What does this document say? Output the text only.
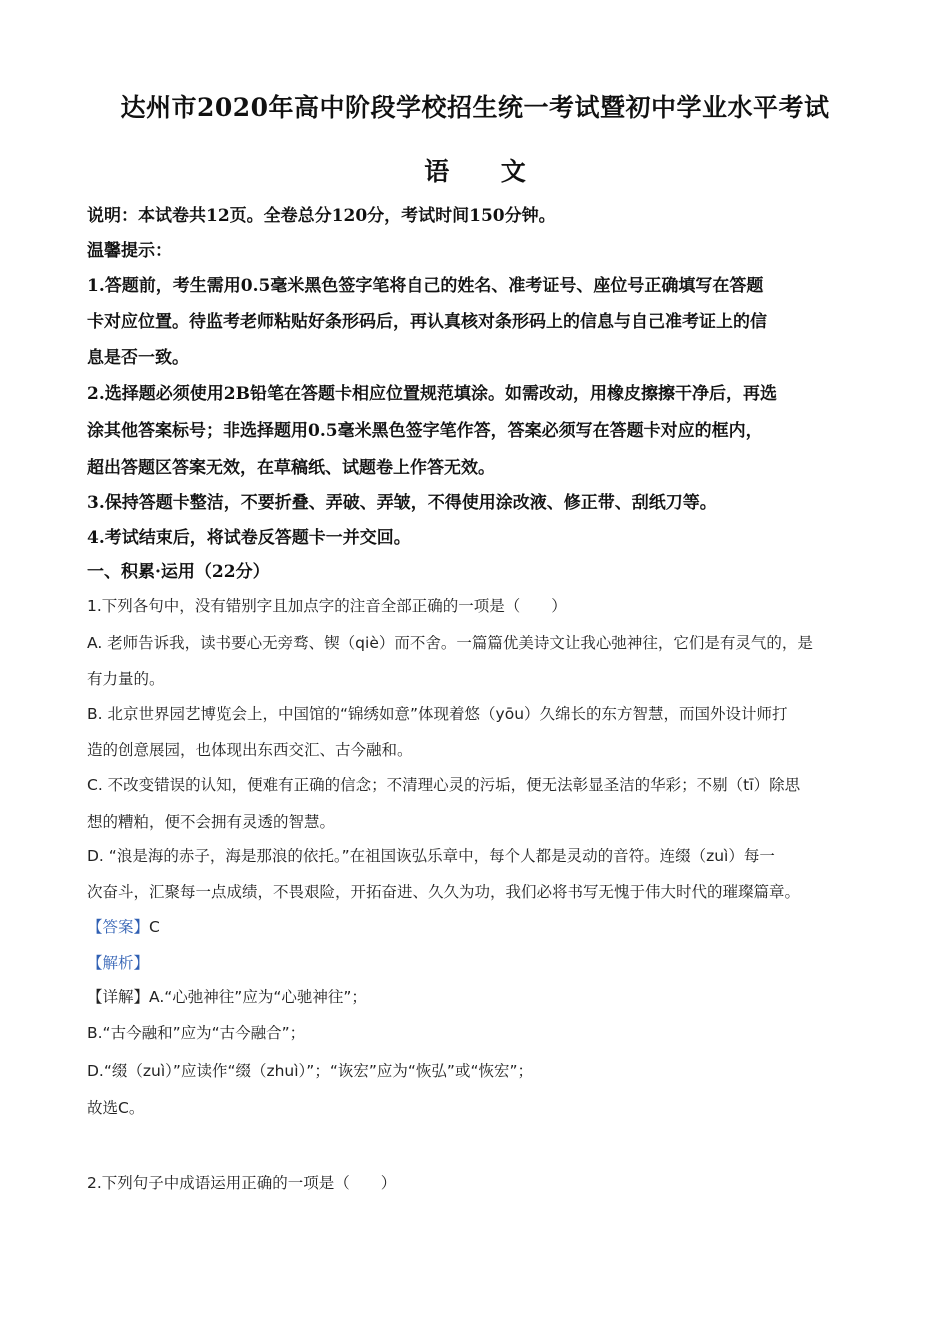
达州市2020年高中阶段学校招生统一考试暨初中学业水平考试
语 文
说明：本试卷共12页。全卷总分120分，考试时间150分钟。
温馨提示：
1.答题前，考生需用0.5毫米黑色签字笔将自己的姓名、准考证号、座位号正确填写在答题
卡对应位置。待监考老师粘贴好条形码后，再认真核对条形码上的信息与自己准考证上的信
息是否一致。
2.选择题必须使用2B铅笔在答题卡相应位置规范填涂。如需改动，用橡皮擦擦干净后，再选
涂其他答案标号；非选择题用0.5毫米黑色签字笔作答，答案必须写在答题卡对应的框内，
超出答题区答案无效，在草稿纸、试题卷上作答无效。
3.保持答题卡整洁，不要折叠、弄破、弄皱，不得使用涂改液、修正带、刮纸刀等。
4.考试结束后，将试卷反答题卡一并交回。
一、积累·运用（22分）
1.下列各句中，没有错别字且加点字的注音全部正确的一项是（　　）
A. 老师告诉我，读书要心无旁骛、锲（qiè）而不舍。一篇篇优美诗文让我心弛神往，它们是有灵气的，是
有力量的。
B. 北京世界园艺博览会上，中国馆的“锦绣如意”体现着悠（yōu）久绵长的东方智慧，而国外设计师打
造的创意展园，也体现出东西交汇、古今融和。
C. 不改变错误的认知，便难有正确的信念；不清理心灵的污垢，便无法彰显圣洁的华彩；不剔（tī）除思
想的糟粕，便不会拥有灵透的智慧。
D. “浪是海的赤子，海是那浪的依托。”在祖国诙弘乐章中，每个人都是灵动的音符。连缀（zuì）每一
次奋斗，汇聚每一点成绩，不畏艰险，开拓奋进、久久为功，我们必将书写无愧于伟大时代的璀璨篇章。
【答案】C
【解析】
【详解】A.“心弛神往”应为“心驰神往”；
B.“古今融和”应为“古今融合”；
D.“缀（zuì）”应读作“缀（zhuì）”；“诙宏”应为“恢弘”或“恢宏”；
故选C。
2.下列句子中成语运用正确的一项是（　　）
